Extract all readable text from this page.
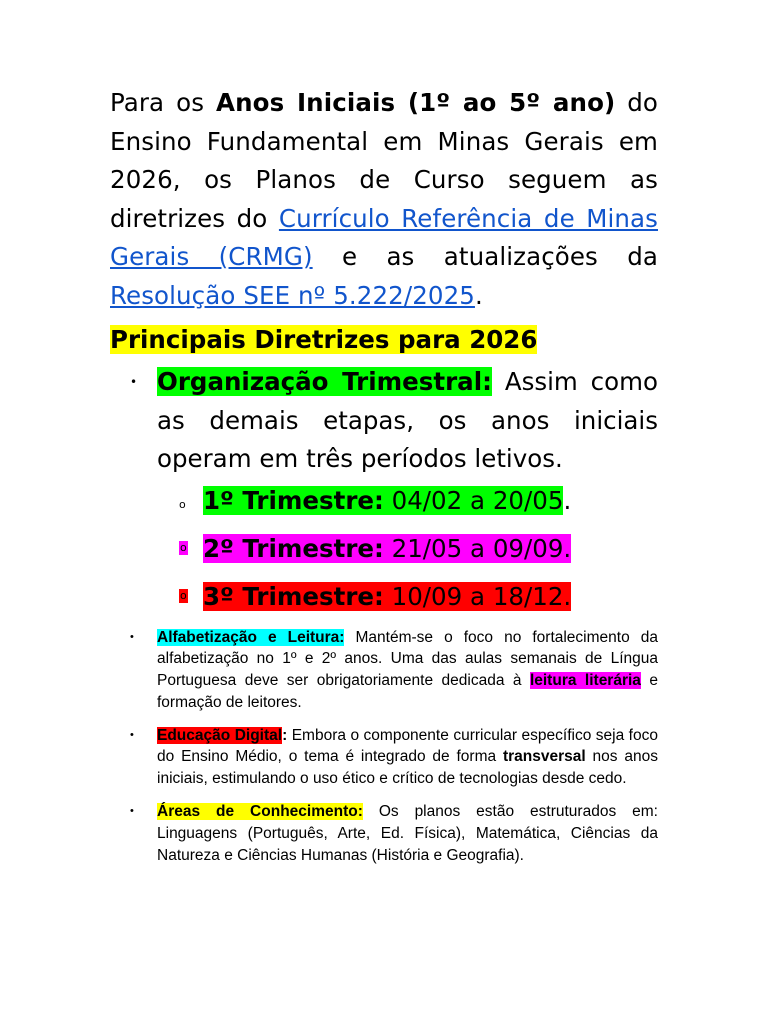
Para os Anos Iniciais (1º ao 5º ano) do Ensino Fundamental em Minas Gerais em 2026, os Planos de Curso seguem as diretrizes do Currículo Referência de Minas Gerais (CRMG) e as atualizações da Resolução SEE nº 5.222/2025.

Principais Diretrizes para 2026

• Organização Trimestral: Assim como as demais etapas, os anos iniciais operam em três períodos letivos.
o 1º Trimestre: 04/02 a 20/05.
o 2º Trimestre: 21/05 a 09/09.
o 3º Trimestre: 10/09 a 18/12.
• Alfabetização e Leitura: Mantém-se o foco no fortalecimento da alfabetização no 1º e 2º anos. Uma das aulas semanais de Língua Portuguesa deve ser obrigatoriamente dedicada à leitura literária e formação de leitores.
• Educação Digital: Embora o componente curricular específico seja foco do Ensino Médio, o tema é integrado de forma transversal nos anos iniciais, estimulando o uso ético e crítico de tecnologias desde cedo.
• Áreas de Conhecimento: Os planos estão estruturados em: Linguagens (Português, Arte, Ed. Física), Matemática, Ciências da Natureza e Ciências Humanas (História e Geografia).
